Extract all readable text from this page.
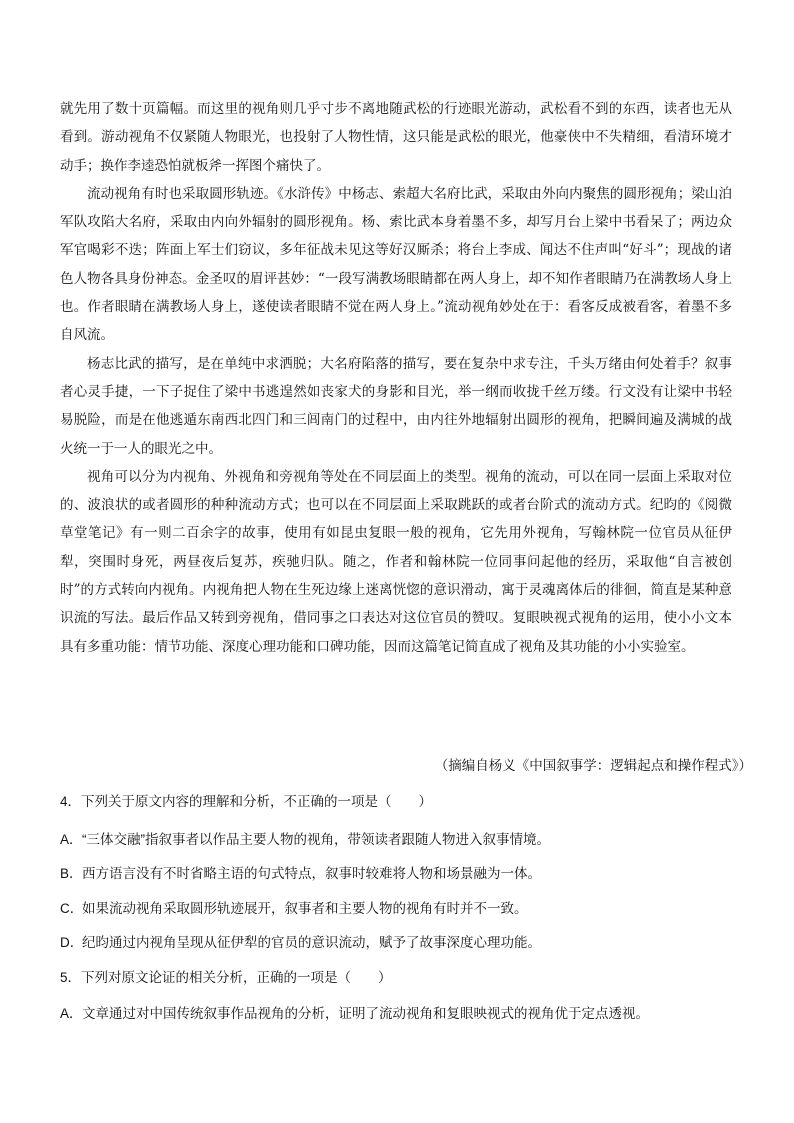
就先用了数十页篇幅。而这里的视角则几乎寸步不离地随武松的行迹眼光游动，武松看不到的东西，读者也无从看到。游动视角不仅紧随人物眼光，也投射了人物性情，这只能是武松的眼光，他豪侠中不失精细，看清环境才动手；换作李逵恐怕就板斧一挥图个痛快了。

流动视角有时也采取圆形轨迹。《水浒传》中杨志、索超大名府比武，采取由外向内聚焦的圆形视角；梁山泊军队攻陷大名府，采取由内向外辐射的圆形视角。杨、索比武本身着墨不多，却写月台上梁中书看呆了；两边众军官喝彩不迭；阵面上军士们窃议，多年征战未见这等好汉厮杀；将台上李成、闻达不住声叫“好斗”；现战的诸色人物各具身份神态。金圣叹的眉评甚妙：“一段写满教场眼睛都在两人身上，却不知作者眼睛乃在满教场人身上也。作者眼睛在满教场人身上，遂使读者眼睛不觉在两人身上。”流动视角妙处在于：看客反成被看客，着墨不多自风流。

杨志比武的描写，是在单纯中求洒脱；大名府陷落的描写，要在复杂中求专注，千头万绪由何处着手？叙事者心灵手捷，一下子捉住了梁中书逃遑然如丧家犬的身影和目光，举一纲而收拢千丝万缕。行文没有让梁中书轻易脱险，而是在他逃遁东南西北四门和三闾南门的过程中，由内往外地辐射出圆形的视角，把瞬间遍及满城的战火统一于一人的眼光之中。

视角可以分为内视角、外视角和旁视角等处在不同层面上的类型。视角的流动，可以在同一层面上采取对位的、波浪状的或者圆形的种种流动方式；也可以在不同层面上采取跳跃的或者台阶式的流动方式。纪昀的《阅微草堂笔记》有一则二百余字的故事，使用有如昆虫复眼一般的视角，它先用外视角，写翰林院一位官员从征伊犁，突围时身死，两昼夜后复苏，疾驰归队。随之，作者和翰林院一位同事问起他的经历，采取他“自言被创时”的方式转向内视角。内视角把人物在生死边缘上迷离恍惚的意识滑动，寓于灵魂离体后的徘徊，简直是某种意识流的写法。最后作品又转到旁视角，借同事之口表达对这位官员的赞叹。复眼映视式视角的运用，使小小文本具有多重功能：情节功能、深度心理功能和口碑功能，因而这篇笔记简直成了视角及其功能的小小实验室。

（摘编自杨义《中国叙事学：逻辑起点和操作程式》）
4．下列关于原文内容的理解和分析，不正确的一项是（　　）
A．“三体交融”指叙事者以作品主要人物的视角，带领读者跟随人物进入叙事情境。
B．西方语言没有不时省略主语的句式特点，叙事时较难将人物和场景融为一体。
C．如果流动视角采取圆形轨迹展开，叙事者和主要人物的视角有时并不一致。
D．纪昀通过内视角呈现从征伊犁的官员的意识流动，赋予了故事深度心理功能。
5．下列对原文论证的相关分析，正确的一项是（　　）
A．文章通过对中国传统叙事作品视角的分析，证明了流动视角和复眼映视式的视角优于定点透视。
